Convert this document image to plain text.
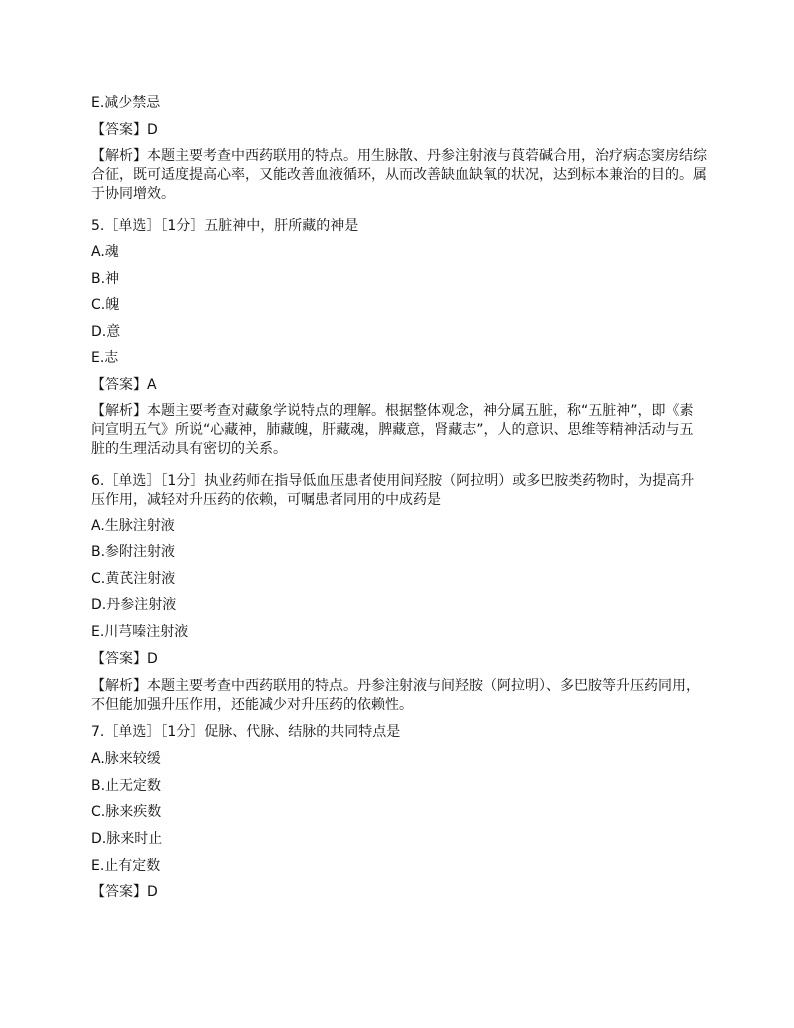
E.减少禁忌
【答案】D
【解析】本题主要考查中西药联用的特点。用生脉散、丹参注射液与莨菪碱合用，治疗病态窦房结综合征，既可适度提高心率，又能改善血液循环，从而改善缺血缺氧的状况，达到标本兼治的目的。属于协同增效。
5.［单选］［1分］五脏神中，肝所藏的神是
A.魂
B.神
C.魄
D.意
E.志
【答案】A
【解析】本题主要考查对藏象学说特点的理解。根据整体观念，神分属五脏，称“五脏神”，即《素问宣明五气》所说“心藏神，肺藏魄，肝藏魂，脾藏意，肾藏志”，人的意识、思维等精神活动与五脏的生理活动具有密切的关系。
6.［单选］［1分］执业药师在指导低血压患者使用间羟胺（阿拉明）或多巴胺类药物时，为提高升压作用，减轻对升压药的依赖，可嘱患者同用的中成药是
A.生脉注射液
B.参附注射液
C.黄芪注射液
D.丹参注射液
E.川芎嗪注射液
【答案】D
【解析】本题主要考查中西药联用的特点。丹参注射液与间羟胺（阿拉明）、多巴胺等升压药同用，不但能加强升压作用，还能减少对升压药的依赖性。
7.［单选］［1分］促脉、代脉、结脉的共同特点是
A.脉来较缓
B.止无定数
C.脉来疾数
D.脉来时止
E.止有定数
【答案】D
